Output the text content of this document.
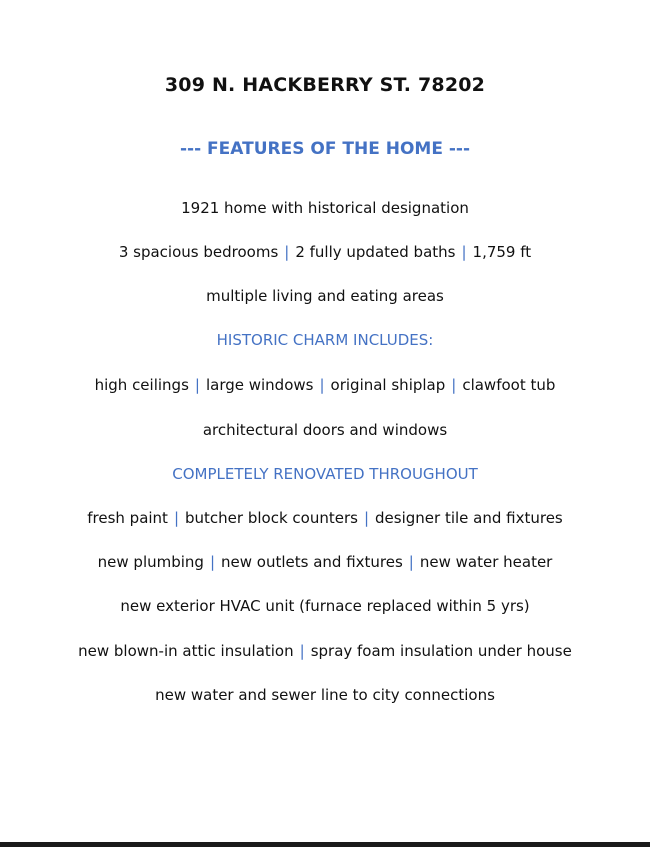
309 N. HACKBERRY ST. 78202
--- FEATURES OF THE HOME ---
1921 home with historical designation
3 spacious bedrooms | 2 fully updated baths | 1,759 ft
multiple living and eating areas
HISTORIC CHARM INCLUDES:
high ceilings | large windows | original shiplap | clawfoot tub
architectural doors and windows
COMPLETELY RENOVATED THROUGHOUT
fresh paint | butcher block counters | designer tile and fixtures
new plumbing | new outlets and fixtures | new water heater
new exterior HVAC unit (furnace replaced within 5 yrs)
new blown-in attic insulation | spray foam insulation under house
new water and sewer line to city connections
